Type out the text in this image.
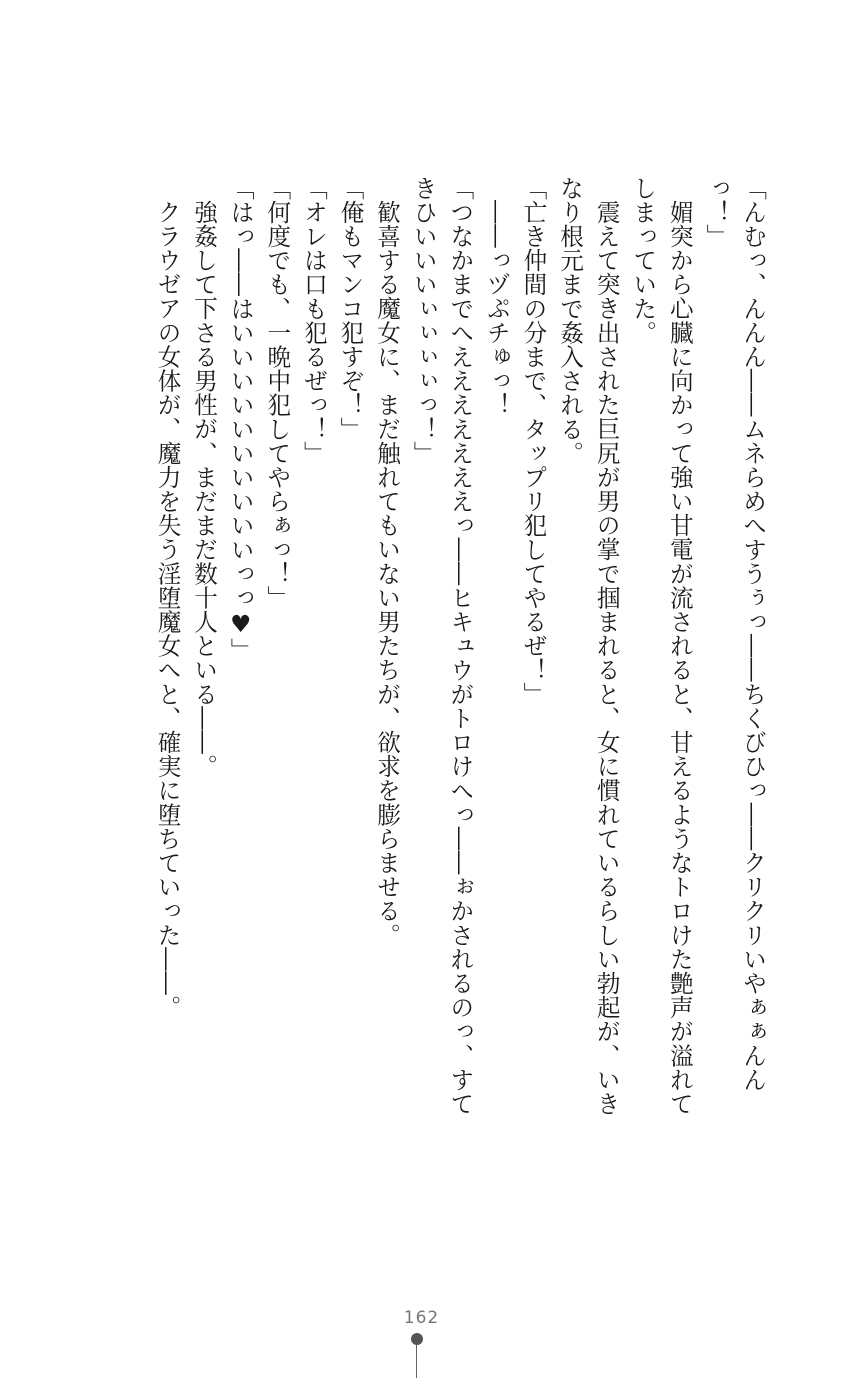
「んむっ、んんん――ムネらめへすうぅっ――ちくびひっ――クリクリいやぁぁんんっ！」

媚突から心臓に向かって強い甘電が流されると、甘えるようなトロけた艶声が溢れてしまっていた。

震えて突き出された巨尻が男の掌で掴まれると、女に慣れているらしい勃起が、いきなり根元まで姦入される。

「亡き仲間の分まで、タップリ犯してやるぜ！」

――っヅぷチゅっ！

「つなかまでへえええええええっ――ヒキュウがトロけへっ――ぉかされるのっ、すてきひいいいぃぃぃぃっ！」

歓喜する魔女に、まだ触れてもいない男たちが、欲求を膨らませる。

「俺もマンコ犯すぞ！」

「オレは口も犯るぜっ！」

「何度でも、一晩中犯してやらぁっ！」

「はっ――はいいいいいいいいいいっっ♥」

強姦して下さる男性が、まだまだ数十人といる――。

クラウゼアの女体が、魔力を失う淫堕魔女へと、確実に堕ちていった――。

162
